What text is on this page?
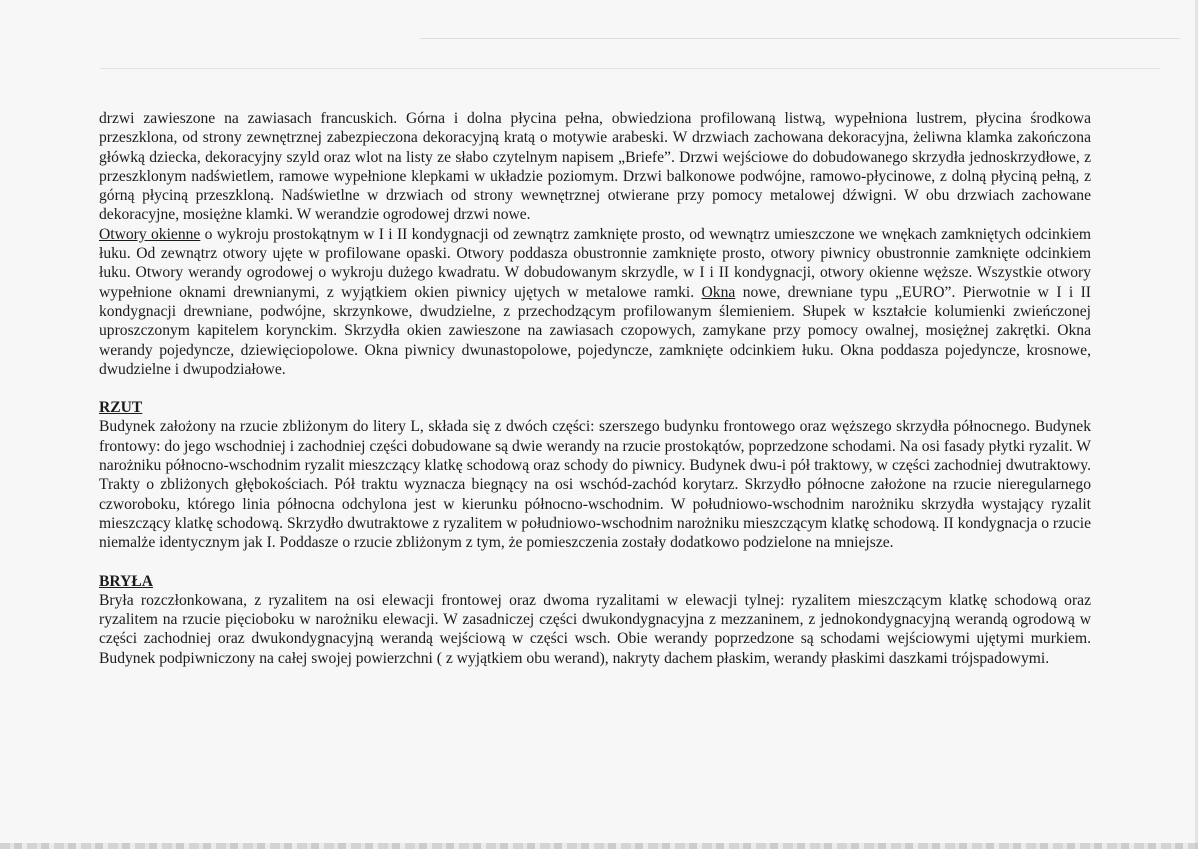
drzwi zawieszone na zawiasach francuskich. Górna i dolna płycina pełna, obwiedziona profilowaną listwą, wypełniona lustrem, płycina środkowa przeszklona, od strony zewnętrznej zabezpieczona dekoracyjną kratą o motywie arabeski. W drzwiach zachowana dekoracyjna, żeliwna klamka zakończona główką dziecka, dekoracyjny szyld oraz wlot na listy ze słabo czytelnym napisem „Briefe”. Drzwi wejściowe do dobudowanego skrzydła jednoskrzydłowe, z przeszklonym nadświetlem, ramowe wypełnione klepkami w układzie poziomym. Drzwi balkonowe podwójne, ramowo-płycinowe, z dolną płyciną pełną, z górną płyciną przeszkloną. Nadświetlne w drzwiach od strony wewnętrznej otwierane przy pomocy metalowej dźwigni. W obu drzwiach zachowane dekoracyjne, mosiężne klamki. W werandzie ogrodowej drzwi nowe.

Otwory okienne o wykroju prostokątnym w I i II kondygnacji od zewnątrz zamknięte prosto, od wewnątrz umieszczone we wnękach zamkniętych odcinkiem łuku. Od zewnątrz otwory ujęte w profilowane opaski. Otwory poddasza obustronnie zamknięte prosto, otwory piwnicy obustronnie zamknięte odcinkiem łuku. Otwory werandy ogrodowej o wykroju dużego kwadratu. W dobudowanym skrzydle, w I i II kondygnacji, otwory okienne węższe. Wszystkie otwory wypełnione oknami drewnianymi, z wyjątkiem okien piwnicy ujętych w metalowe ramki. Okna nowe, drewniane typu „EURO”. Pierwotnie w I i II kondygnacji drewniane, podwójne, skrzynkowe, dwudzielne, z przechodzącym profilowanym ślemieniem. Słupek w kształcie kolumienki zwieńczonej uproszczonym kapitelem korynckim. Skrzydła okien zawieszone na zawiasach czopowych, zamykane przy pomocy owalnej, mosiężnej zakrętki. Okna werandy pojedyncze, dziewięciopolowe. Okna piwnicy dwunastopolowe, pojedyncze, zamknięte odcinkiem łuku. Okna poddasza pojedyncze, krosnowe, dwudzielne i dwupodziałowe.

RZUT

Budynek założony na rzucie zbliżonym do litery L, składa się z dwóch części: szerszego budynku frontowego oraz węższego skrzydła północnego. Budynek frontowy: do jego wschodniej i zachodniej części dobudowane są dwie werandy na rzucie prostokątów, poprzedzone schodami. Na osi fasady płytki ryzalit. W narożniku północno-wschodnim ryzalit mieszczący klatkę schodową oraz schody do piwnicy. Budynek dwu-i pół traktowy, w części zachodniej dwutraktowy. Trakty o zbliżonych głębokościach. Pół traktu wyznacza biegnący na osi wschód-zachód korytarz. Skrzydło północne założone na rzucie nieregularnego czworoboku, którego linia północna odchylona jest w kierunku północno-wschodnim. W południowo-wschodnim narożniku skrzydła wystający ryzalit mieszczący klatkę schodową. Skrzydło dwutraktowe z ryzalitem w południowo-wschodnim narożniku mieszczącym klatkę schodową. II kondygnacja o rzucie niemalże identycznym jak I. Poddasze o rzucie zbliżonym z tym, że pomieszczenia zostały dodatkowo podzielone na mniejsze.

BRYŁA

Bryła rozczłonkowana, z ryzalitem na osi elewacji frontowej oraz dwoma ryzalitami w elewacji tylnej: ryzalitem mieszczącym klatkę schodową oraz ryzalitem na rzucie pięcioboku w narożniku elewacji. W zasadniczej części dwukondygnacyjna z mezzaninem, z jednokondygnacyjną werandą ogrodową w części zachodniej oraz dwukondygnacyjną werandą wejściową w części wsch. Obie werandy poprzedzone są schodami wejściowymi ujętymi murkiem. Budynek podpiwniczony na całej swojej powierzchni ( z wyjątkiem obu werand), nakryty dachem płaskim, werandy płaskimi daszkami trójspadowymi.
